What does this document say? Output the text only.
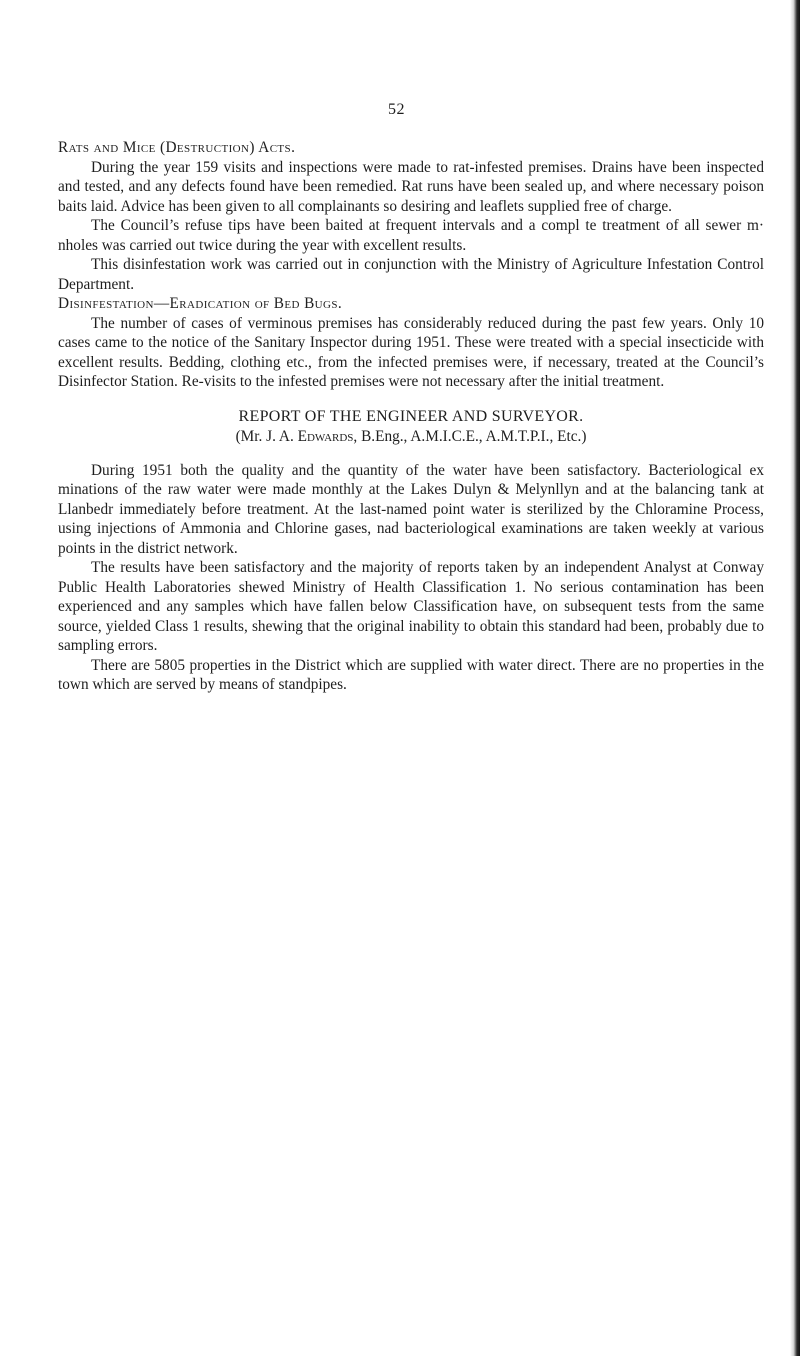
52
Rats and Mice (Destruction) Acts.

During the year 159 visits and inspections were made to rat-infested premises. Drains have been inspected and tested, and any defects found have been remedied. Rat runs have been sealed up, and where necessary poison baits laid. Advice has been given to all complainants so desiring and leaflets supplied free of charge.

The Council’s refuse tips have been baited at frequent intervals and a compl te treatment of all sewer m· nholes was carried out twice during the year with excellent results.

This disinfestation work was carried out in conjunction with the Ministry of Agriculture Infestation Control Department.

Disinfestation—Eradication of Bed Bugs.

The number of cases of verminous premises has considerably reduced during the past few years. Only 10 cases came to the notice of the Sanitary Inspector during 1951. These were treated with a special insecticide with excellent results. Bedding, clothing etc., from the infected premises were, if necessary, treated at the Council’s Disinfector Station. Re-visits to the infested premises were not necessary after the initial treatment.

REPORT OF THE ENGINEER AND SURVEYOR.
(Mr. J. A. Edwards, B.Eng., A.M.I.C.E., A.M.T.P.I., Etc.)

During 1951 both the quality and the quantity of the water have been satisfactory. Bacteriological ex minations of the raw water were made monthly at the Lakes Dulyn & Melynllyn and at the balancing tank at Llanbedr immediately before treatment. At the last-named point water is sterilized by the Chloramine Process, using injections of Ammonia and Chlorine gases, nad bacteriological examinations are taken weekly at various points in the district network.

The results have been satisfactory and the majority of reports taken by an independent Analyst at Conway Public Health Laboratories shewed Ministry of Health Classification 1. No serious contamination has been experienced and any samples which have fallen below Classification have, on subsequent tests from the same source, yielded Class 1 results, shewing that the original inability to obtain this standard had been, probably due to sampling errors.

There are 5805 properties in the District which are supplied with water direct. There are no properties in the town which are served by means of standpipes.
